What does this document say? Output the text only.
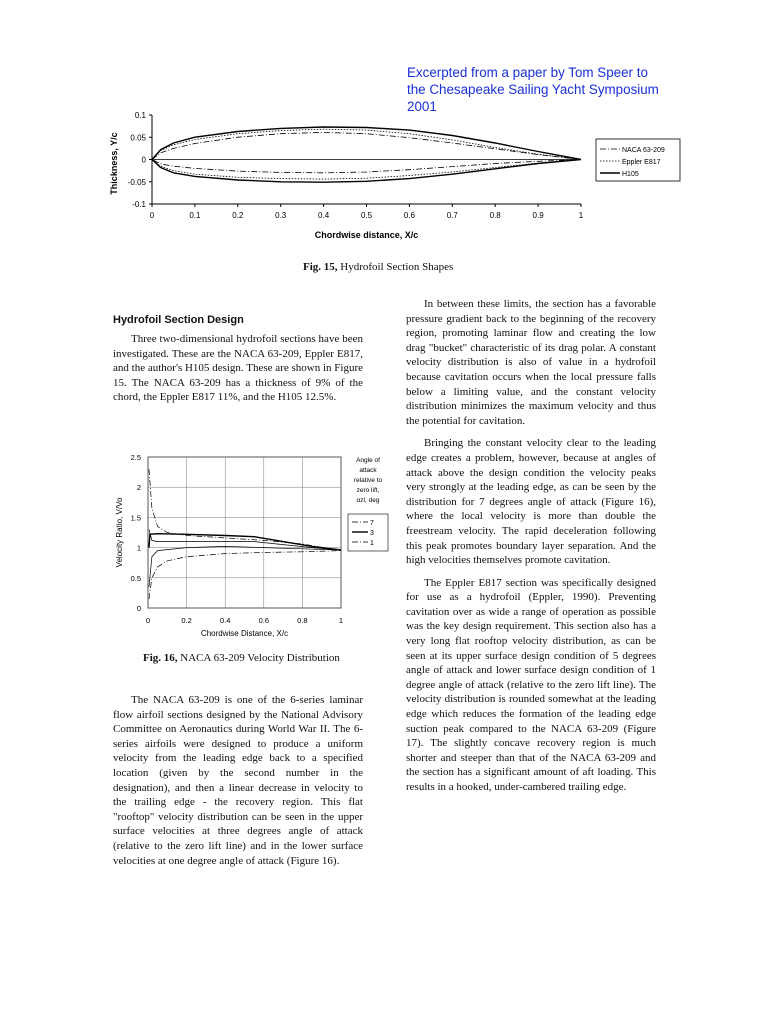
Excerpted from a paper by Tom Speer to
the Chesapeake Sailing Yacht Symposium
2001
0.1
0.05
0
-0.05
-0.1
0	0.1	0.2	0.3	0.4	0.5	0.6	0.7	0.8	0.9	1
Chordwise distance, X/c
Thickness, Y/c	NACA 63-209
Eppler E817
H105
Fig. 15, Hydrofoil Section Shapes
Hydrofoil Section Design

Three two-dimensional hydrofoil sections have been investigated. These are the NACA 63-209, Eppler E817, and the author's H105 design. These are shown in Figure 15. The NACA 63-209 has a thickness of 9% of the chord, the Eppler E817 11%, and the H105 12.5%.

2.5
2
1.5
1
0.5
0
0	0.2	0.4	0.6	0.8	1
Chordwise Distance, X/c
Velocity Ratio, V/Vo
Angle of
attack
relative to
zero lift,
αzl, deg
7
3
1
Fig. 16, NACA 63-209 Velocity Distribution

The NACA 63-209 is one of the 6-series laminar flow airfoil sections designed by the National Advisory Committee on Aeronautics during World War II. The 6-series airfoils were designed to produce a uniform velocity from the leading edge back to a specified location (given by the second number in the designation), and then a linear decrease in velocity to the trailing edge - the recovery region. This flat "rooftop" velocity distribution can be seen in the upper surface velocities at three degrees angle of attack (relative to the zero lift line) and in the lower surface velocities at one degree angle of attack (Figure 16).

In between these limits, the section has a favorable pressure gradient back to the beginning of the recovery region, promoting laminar flow and creating the low drag "bucket" characteristic of its drag polar. A constant velocity distribution is also of value in a hydrofoil because cavitation occurs when the local pressure falls below a limiting value, and the constant velocity distribution minimizes the maximum velocity and thus the potential for cavitation.

Bringing the constant velocity clear to the leading edge creates a problem, however, because at angles of attack above the design condition the velocity peaks very strongly at the leading edge, as can be seen by the distribution for 7 degrees angle of attack (Figure 16), where the local velocity is more than double the freestream velocity. The rapid deceleration following this peak promotes boundary layer separation. And the high velocities themselves promote cavitation.

The Eppler E817 section was specifically designed for use as a hydrofoil (Eppler, 1990). Preventing cavitation over as wide a range of operation as possible was the key design requirement. This section also has a very long flat rooftop velocity distribution, as can be seen at its upper surface design condition of 5 degrees angle of attack and lower surface design condition of 1 degree angle of attack (relative to the zero lift line). The velocity distribution is rounded somewhat at the leading edge which reduces the formation of the leading edge suction peak compared to the NACA 63-209 (Figure 17). The slightly concave recovery region is much shorter and steeper than that of the NACA 63-209 and the section has a significant amount of aft loading. This results in a hooked, under-cambered trailing edge.
